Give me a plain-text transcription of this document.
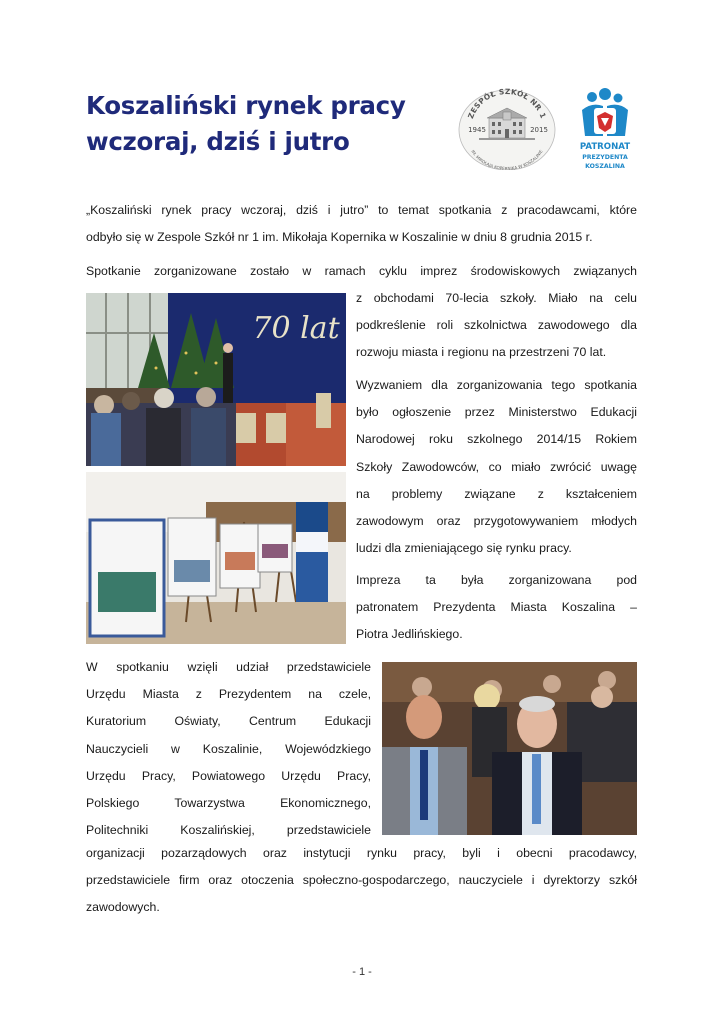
Koszaliński rynek pracy
wczoraj, dziś i jutro
ZESPÓŁ SZKÓŁ NR 1
IM. MIKOŁAJA KOPERNIKA W KOSZALINIE
1945	2015
PATRONAT
PREZYDENTA
KOSZALINA

„Koszaliński rynek pracy wczoraj, dziś i jutro” to temat spotkania z pracodawcami, które
odbyło się w Zespole Szkół nr 1 im. Mikołaja Kopernika w Koszalinie w dniu 8 grudnia 2015 r.

Spotkanie zorganizowane zostało w ramach cyklu imprez środowiskowych związanych

z obchodami 70-lecia szkoły. Miało na celu
podkreślenie roli szkolnictwa zawodowego dla
rozwoju miasta i regionu na przestrzeni 70 lat.

Wyzwaniem dla zorganizowania tego spotkania
było ogłoszenie przez Ministerstwo Edukacji
Narodowej roku szkolnego 2014/15 Rokiem
Szkoły Zawodowców, co miało zwrócić uwagę
na problemy związane z kształceniem
zawodowym oraz przygotowywaniem młodych
ludzi dla zmieniającego się rynku pracy.

Impreza ta była zorganizowana pod
patronatem Prezydenta Miasta Koszalina –
Piotra Jedlińskiego.

W spotkaniu wzięli udział przedstawiciele
Urzędu Miasta z Prezydentem na czele,
Kuratorium Oświaty, Centrum Edukacji
Nauczycieli w Koszalinie, Wojewódzkiego
Urzędu Pracy, Powiatowego Urzędu Pracy,
Polskiego Towarzystwa Ekonomicznego,
Politechniki Koszalińskiej, przedstawiciele

organizacji pozarządowych oraz instytucji rynku pracy, byli i obecni pracodawcy,
przedstawiciele firm oraz otoczenia społeczno-gospodarczego, nauczyciele i dyrektorzy szkół
zawodowych.

70 lat
- 1 -
